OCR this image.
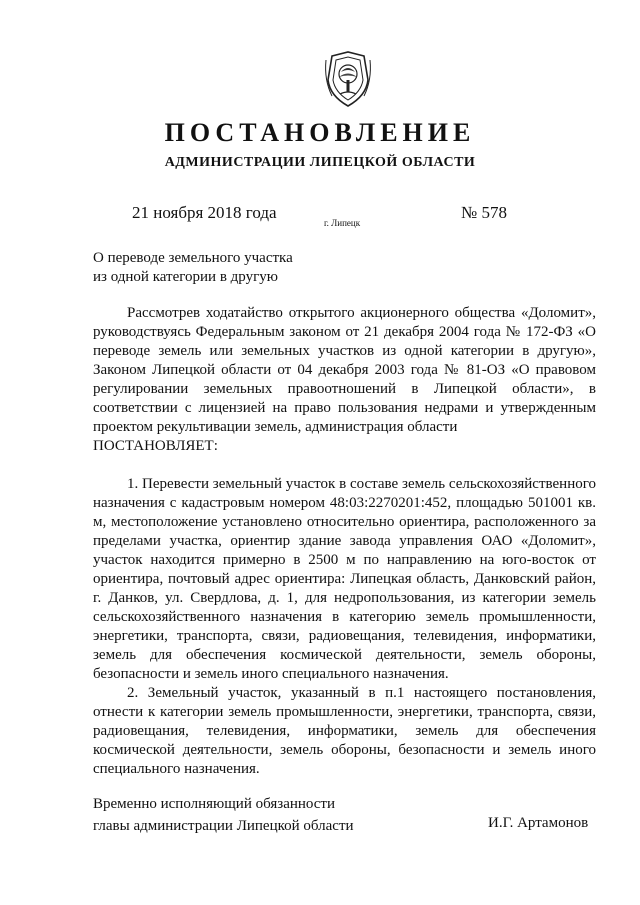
ПОСТАНОВЛЕНИЕ
АДМИНИСТРАЦИИ ЛИПЕЦКОЙ ОБЛАСТИ
21 ноября 2018 года
г. Липецк
№ 578
О переводе земельного участка
из одной категории в другую

Рассмотрев ходатайство открытого акционерного общества «Доломит», руководствуясь Федеральным законом от 21 декабря 2004 года № 172-ФЗ «О переводе земель или земельных участков из одной категории в другую», Законом Липецкой области от 04 декабря 2003 года № 81-ОЗ «О правовом регулировании земельных правоотношений в Липецкой области», в соответствии с лицензией на право пользования недрами и утвержденным проектом рекультивации земель, администрация области

ПОСТАНОВЛЯЕТ:

1. Перевести земельный участок в составе земель сельскохозяйственного назначения с кадастровым номером 48:03:2270201:452, площадью 501001 кв. м, местоположение установлено относительно ориентира, расположенного за пределами участка, ориентир здание завода управления ОАО «Доломит», участок находится примерно в 2500 м по направлению на юго-восток от ориентира, почтовый адрес ориентира: Липецкая область, Данковский район, г. Данков, ул. Свердлова, д. 1, для недропользования, из категории земель сельскохозяйственного назначения в категорию земель промышленности, энергетики, транспорта, связи, радиовещания, телевидения, информатики, земель для обеспечения космической деятельности, земель обороны, безопасности и земель иного специального назначения.

2. Земельный участок, указанный в п.1 настоящего постановления, отнести к категории земель промышленности, энергетики, транспорта, связи, радиовещания, телевидения, информатики, земель для обеспечения космической деятельности, земель обороны, безопасности и земель иного специального назначения.

Временно исполняющий обязанности
главы администрации Липецкой области	И.Г. Артамонов
